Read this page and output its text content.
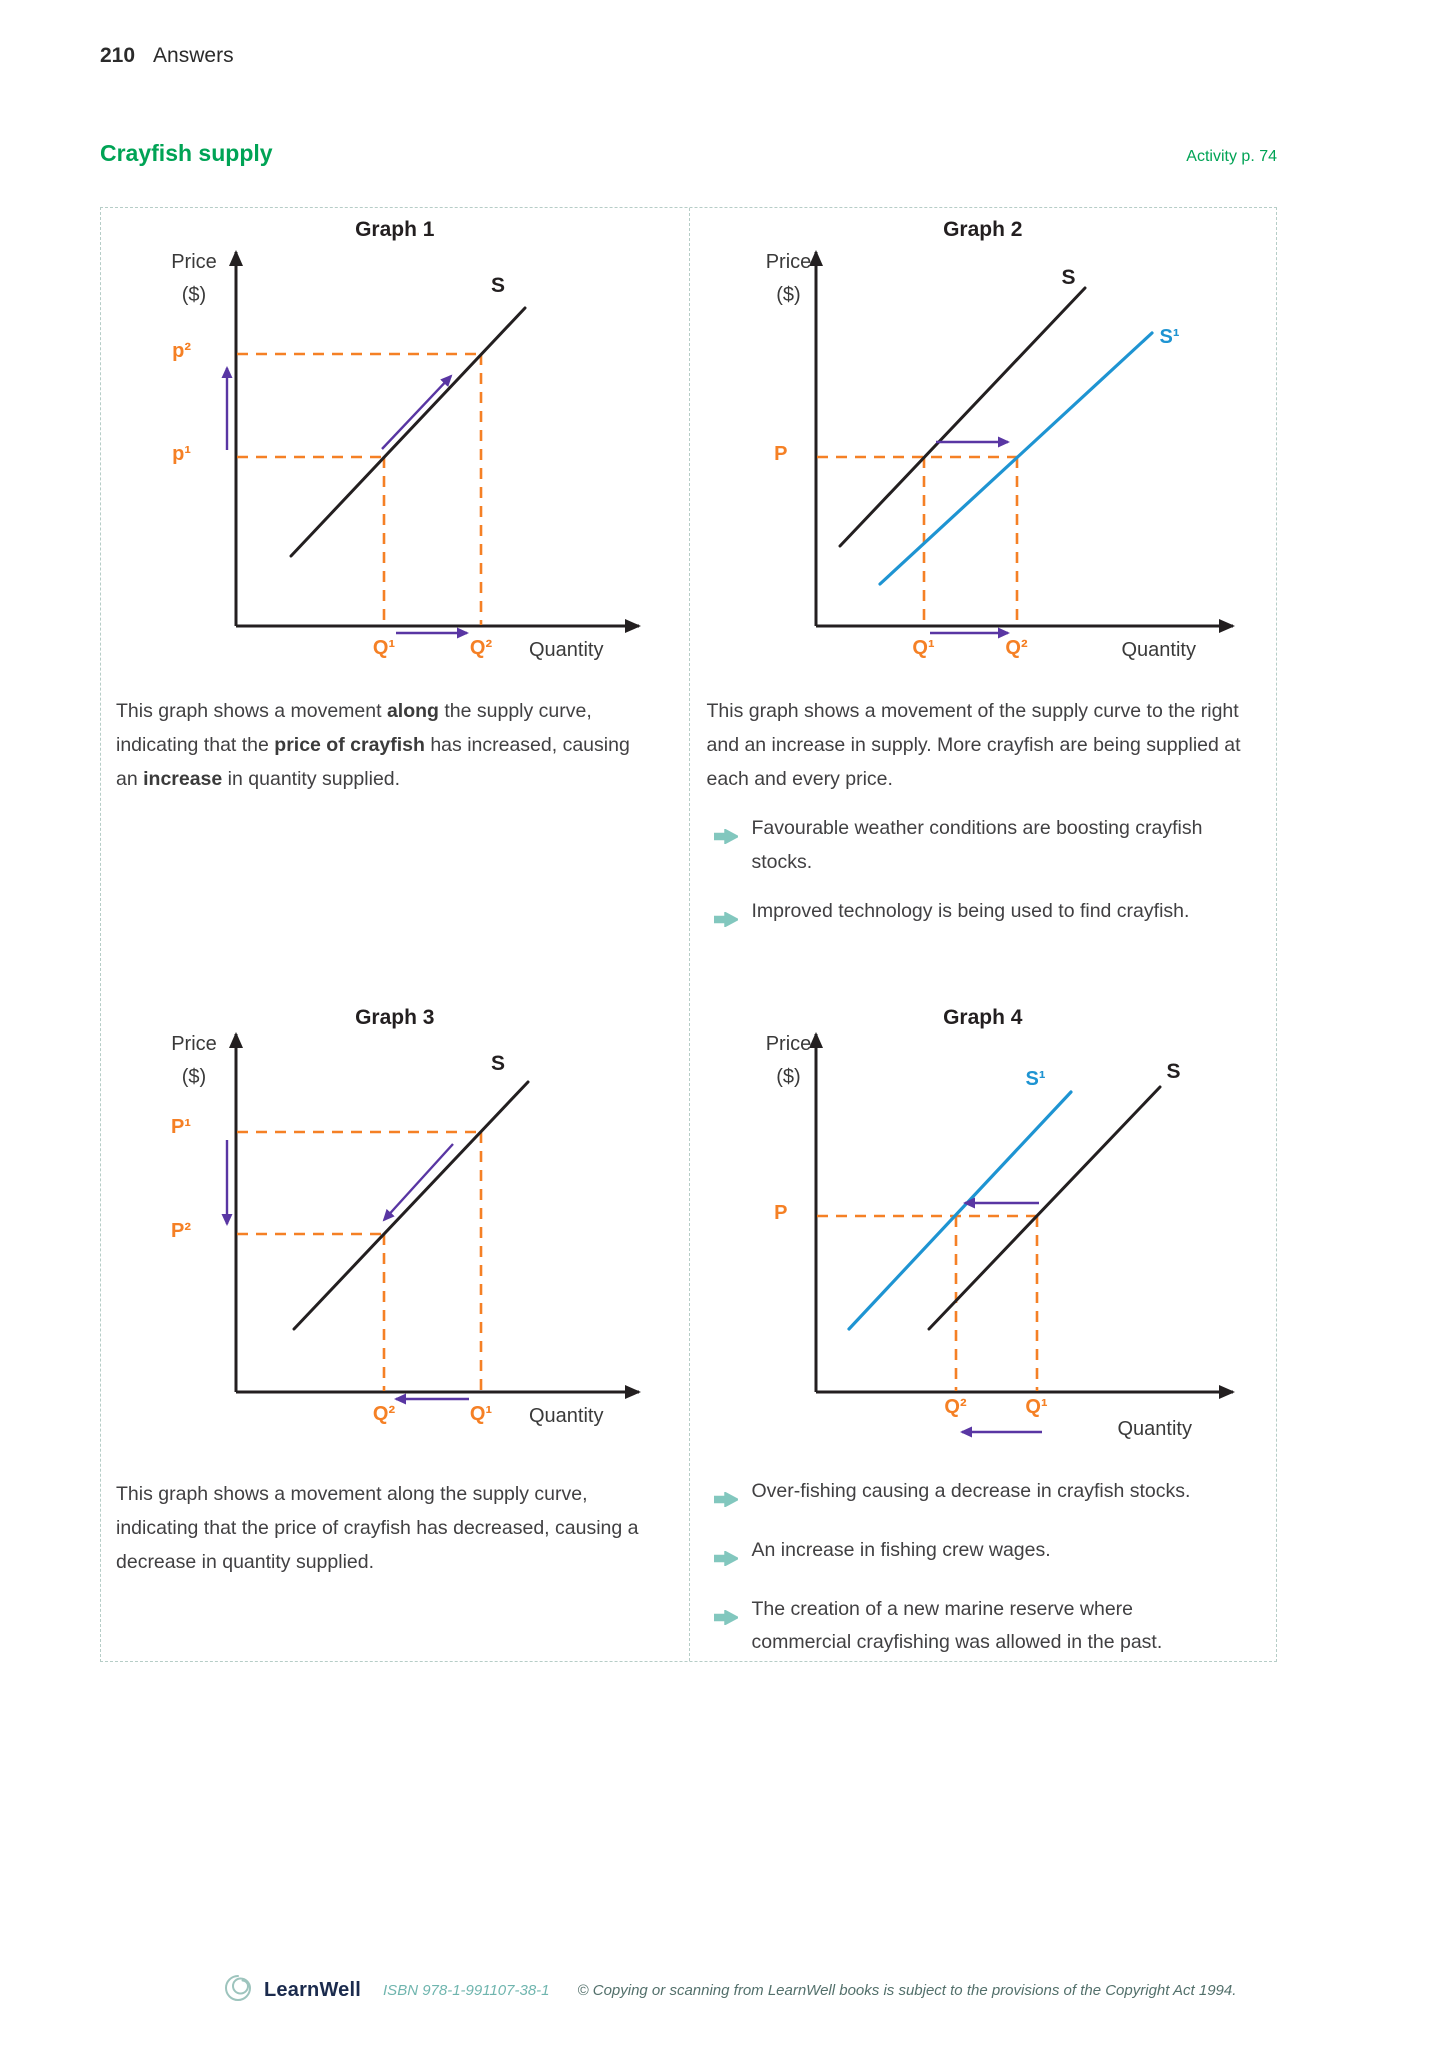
210 Answers
Crayfish supply	Activity p. 74
Graph 1
Price
($)	S
p²
p¹
Q¹	Q²	Quantity

This graph shows a movement along the supply curve, indicating that the price of crayfish has increased, causing an increase in quantity supplied.

Graph 3
Price
($)
S
P¹
P²
Q²	Q¹	Quantity

This graph shows a movement along the supply curve, indicating that the price of crayfish has decreased, causing a decrease in quantity supplied.

Graph 2
Price
($)
S
S¹
P
Q¹	Q²	Quantity

This graph shows a movement of the supply curve to the right and an increase in supply. More crayfish are being supplied at each and every price.

Favourable weather conditions are boosting crayfish stocks.
Improved technology is being used to find crayfish.
Graph 4
Price
($)	S¹	S
P
Q²	Q¹
Quantity
Over-fishing causing a decrease in crayfish stocks.
An increase in fishing crew wages.
The creation of a new marine reserve where commercial crayfishing was allowed in the past.
LearnWell ISBN 978-1-991107-38-1 © Copying or scanning from LearnWell books is subject to the provisions of the Copyright Act 1994.
